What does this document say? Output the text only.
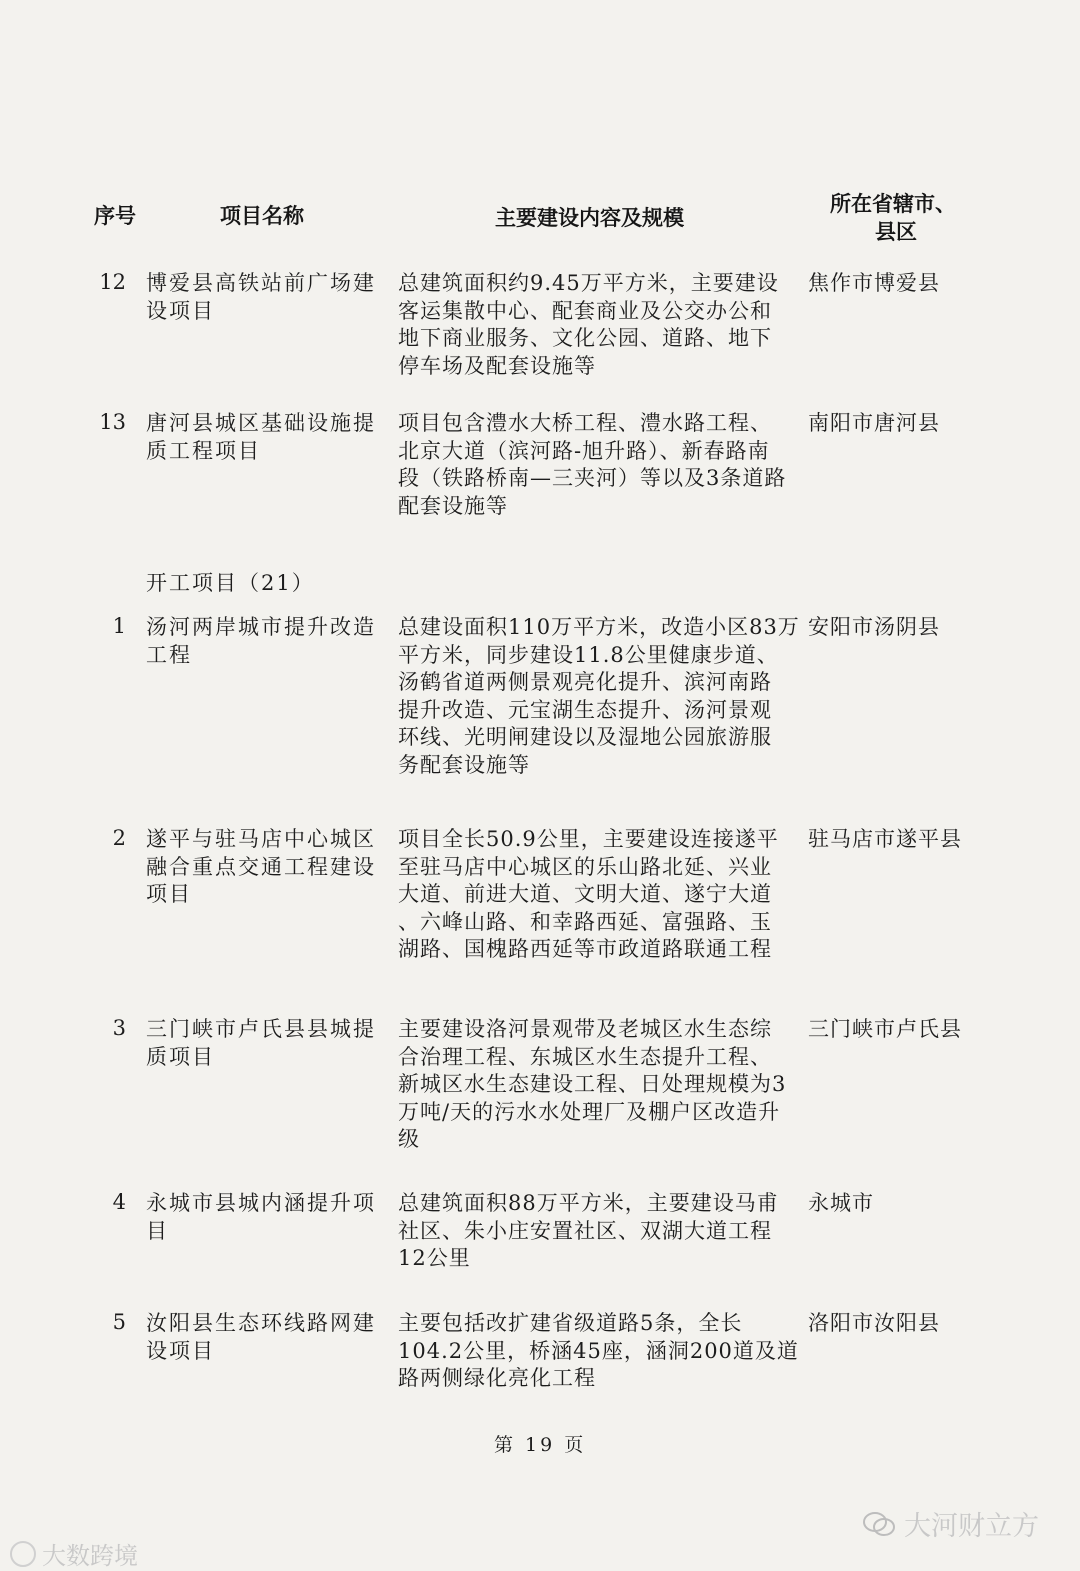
序号	项目名称	主要建设内容及规模
所在省辖市、
县区
12 博爱县高铁站前广场建
设项目
总建筑面积约9.45万平方米，主要建设
客运集散中心、配套商业及公交办公和
地下商业服务、文化公园、道路、地下
停车场及配套设施等
焦作市博爱县
13 唐河县城区基础设施提
质工程项目
项目包含澧水大桥工程、澧水路工程、
北京大道（滨河路-旭升路）、新春路南
段（铁路桥南—三夹河）等以及3条道路
配套设施等
南阳市唐河县
开工项目（21）
1 汤河两岸城市提升改造
工程
总建设面积110万平方米，改造小区83万
平方米，同步建设11.8公里健康步道、
汤鹤省道两侧景观亮化提升、滨河南路
提升改造、元宝湖生态提升、汤河景观
环线、光明闸建设以及湿地公园旅游服
务配套设施等
安阳市汤阴县
2 遂平与驻马店中心城区
融合重点交通工程建设
项目
项目全长50.9公里，主要建设连接遂平
至驻马店中心城区的乐山路北延、兴业
大道、前进大道、文明大道、遂宁大道
、六峰山路、和幸路西延、富强路、玉
湖路、国槐路西延等市政道路联通工程
驻马店市遂平县
3 三门峡市卢氏县县城提
质项目
主要建设洛河景观带及老城区水生态综
合治理工程、东城区水生态提升工程、
新城区水生态建设工程、日处理规模为3
万吨/天的污水水处理厂及棚户区改造升
级
三门峡市卢氏县
4 永城市县城内涵提升项
目
总建筑面积88万平方米，主要建设马甫
社区、朱小庄安置社区、双湖大道工程
12公里
永城市
5 汝阳县生态环线路网建
设项目
主要包括改扩建省级道路5条，全长
104.2公里，桥涵45座，涵洞200道及道
路两侧绿化亮化工程
洛阳市汝阳县
第 19 页
大数跨境
大河财立方
